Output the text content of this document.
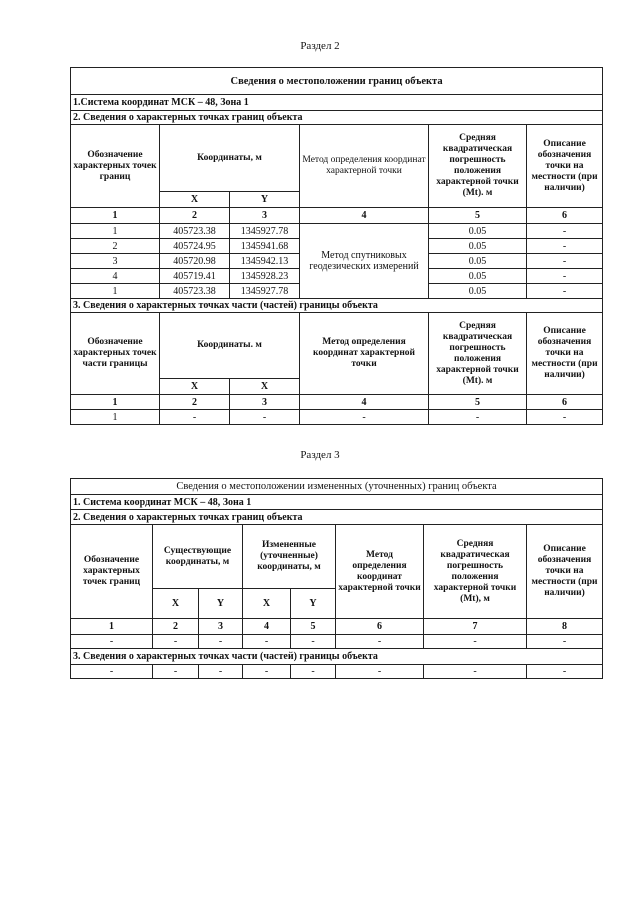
Раздел 2
Сведения о местоположении границ объекта					
1.Система координат МСК – 48, Зона 1					
2. Сведения о характерных точках границ объекта					
Обозначение характерных точек границ	Координаты, м		Метод определения координат характерной точки	Средняя квадратическая погрешность положения характерной точки (Mt). м	Описание обозначения точки на местности (при наличии)
	X	Y			
1	2	3	4	5	6
1	405723.38	1345927.78	Метод спутниковых геодезических измерений	0.05	-
2	405724.95	1345941.68		0.05	-
3	405720.98	1345942.13		0.05	-
4	405719.41	1345928.23		0.05	-
1	405723.38	1345927.78		0.05	-
3. Сведения о характерных точках части (частей) границы объекта					
Обозначение характерных точек части границы	Координаты. м		Метод определения координат характерной точки	Средняя квадратическая погрешность положения характерной точки (Mt). м	Описание обозначения точки на местности (при наличии)
	X	X			
1	2	3	4	5	6
1	-	-	-	-	-
Раздел 3
Сведения о местоположении измененных (уточненных) границ объекта							
1. Система координат МСК – 48, Зона 1							
2. Сведения о характерных точках границ объекта							
Обозначение характерных точек границ	Существующие координаты, м		Измененные (уточненные) координаты, м		Метод определения координат характерной точки	Средняя квадратическая погрешность положения характерной точки (Mt), м	Описание обозначения точки на местности (при наличии)
	X	Y	X	Y			
1	2	3	4	5	6	7	8
-	-	-	-	-	-	-	-
3. Сведения о характерных точках части (частей) границы объекта							
-	-	-	-	-	-	-	-
